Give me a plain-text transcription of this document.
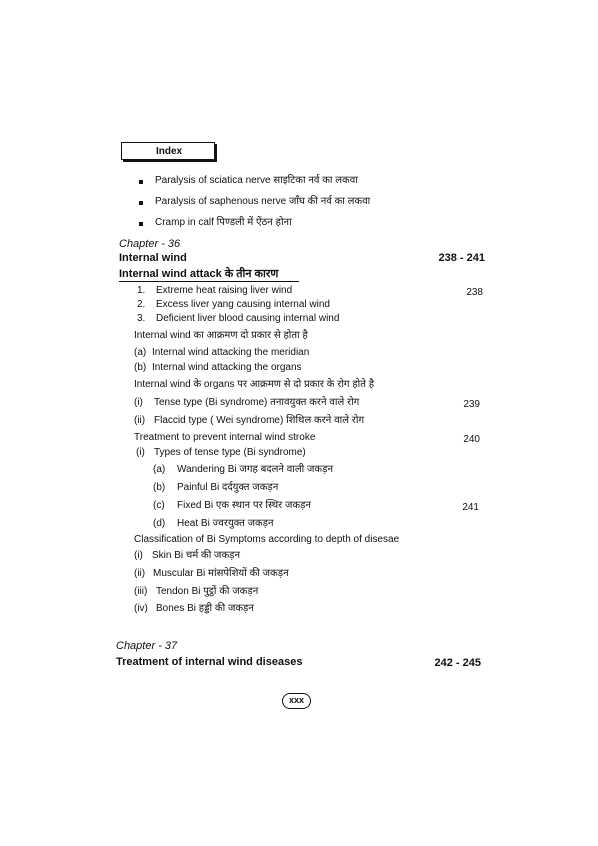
Index
Paralysis of sciatica nerve साइटिका नर्व का लकवा
Paralysis of saphenous nerve जाँघ की नर्व का लकवा
Cramp in calf पिण्डली में ऐंठन होना
Chapter - 36
Internal wind	238 - 241
Internal wind attack के तीन कारण
1. Extreme heat raising liver wind	238
2. Excess liver yang causing internal wind
3. Deficient liver blood causing internal wind
Internal wind का आक्रमण दो प्रकार से होता है
(a) Internal wind attacking the meridian
(b) Internal wind attacking the organs
Internal wind के organs पर आक्रमण से दो प्रकार के रोग होते है
(i) Tense type (Bi syndrome) तनावयुक्त करने वाले रोग	239
(ii) Flaccid type ( Wei syndrome) शिथिल करने वाले रोग
Treatment to prevent internal wind stroke	240
(i) Types of tense type (Bi syndrome)
(a) Wandering Bi जगह बदलने वाली जकड़न
(b) Painful Bi दर्दयुक्त जकड़न
(c) Fixed Bi एक स्थान पर स्थिर जकड़न	241
(d) Heat Bi ज्वरयुक्त जकड़न
Classification of Bi Symptoms according to depth of disesae
(i) Skin Bi चर्म की जकड़न
(ii) Muscular Bi मांसपेशियों की जकड़न
(iii) Tendon Bi पुट्ठों की जकड़न
(iv) Bones Bi हड्डी की जकड़न
Chapter - 37
Treatment of internal wind diseases	242 - 245
xxx
